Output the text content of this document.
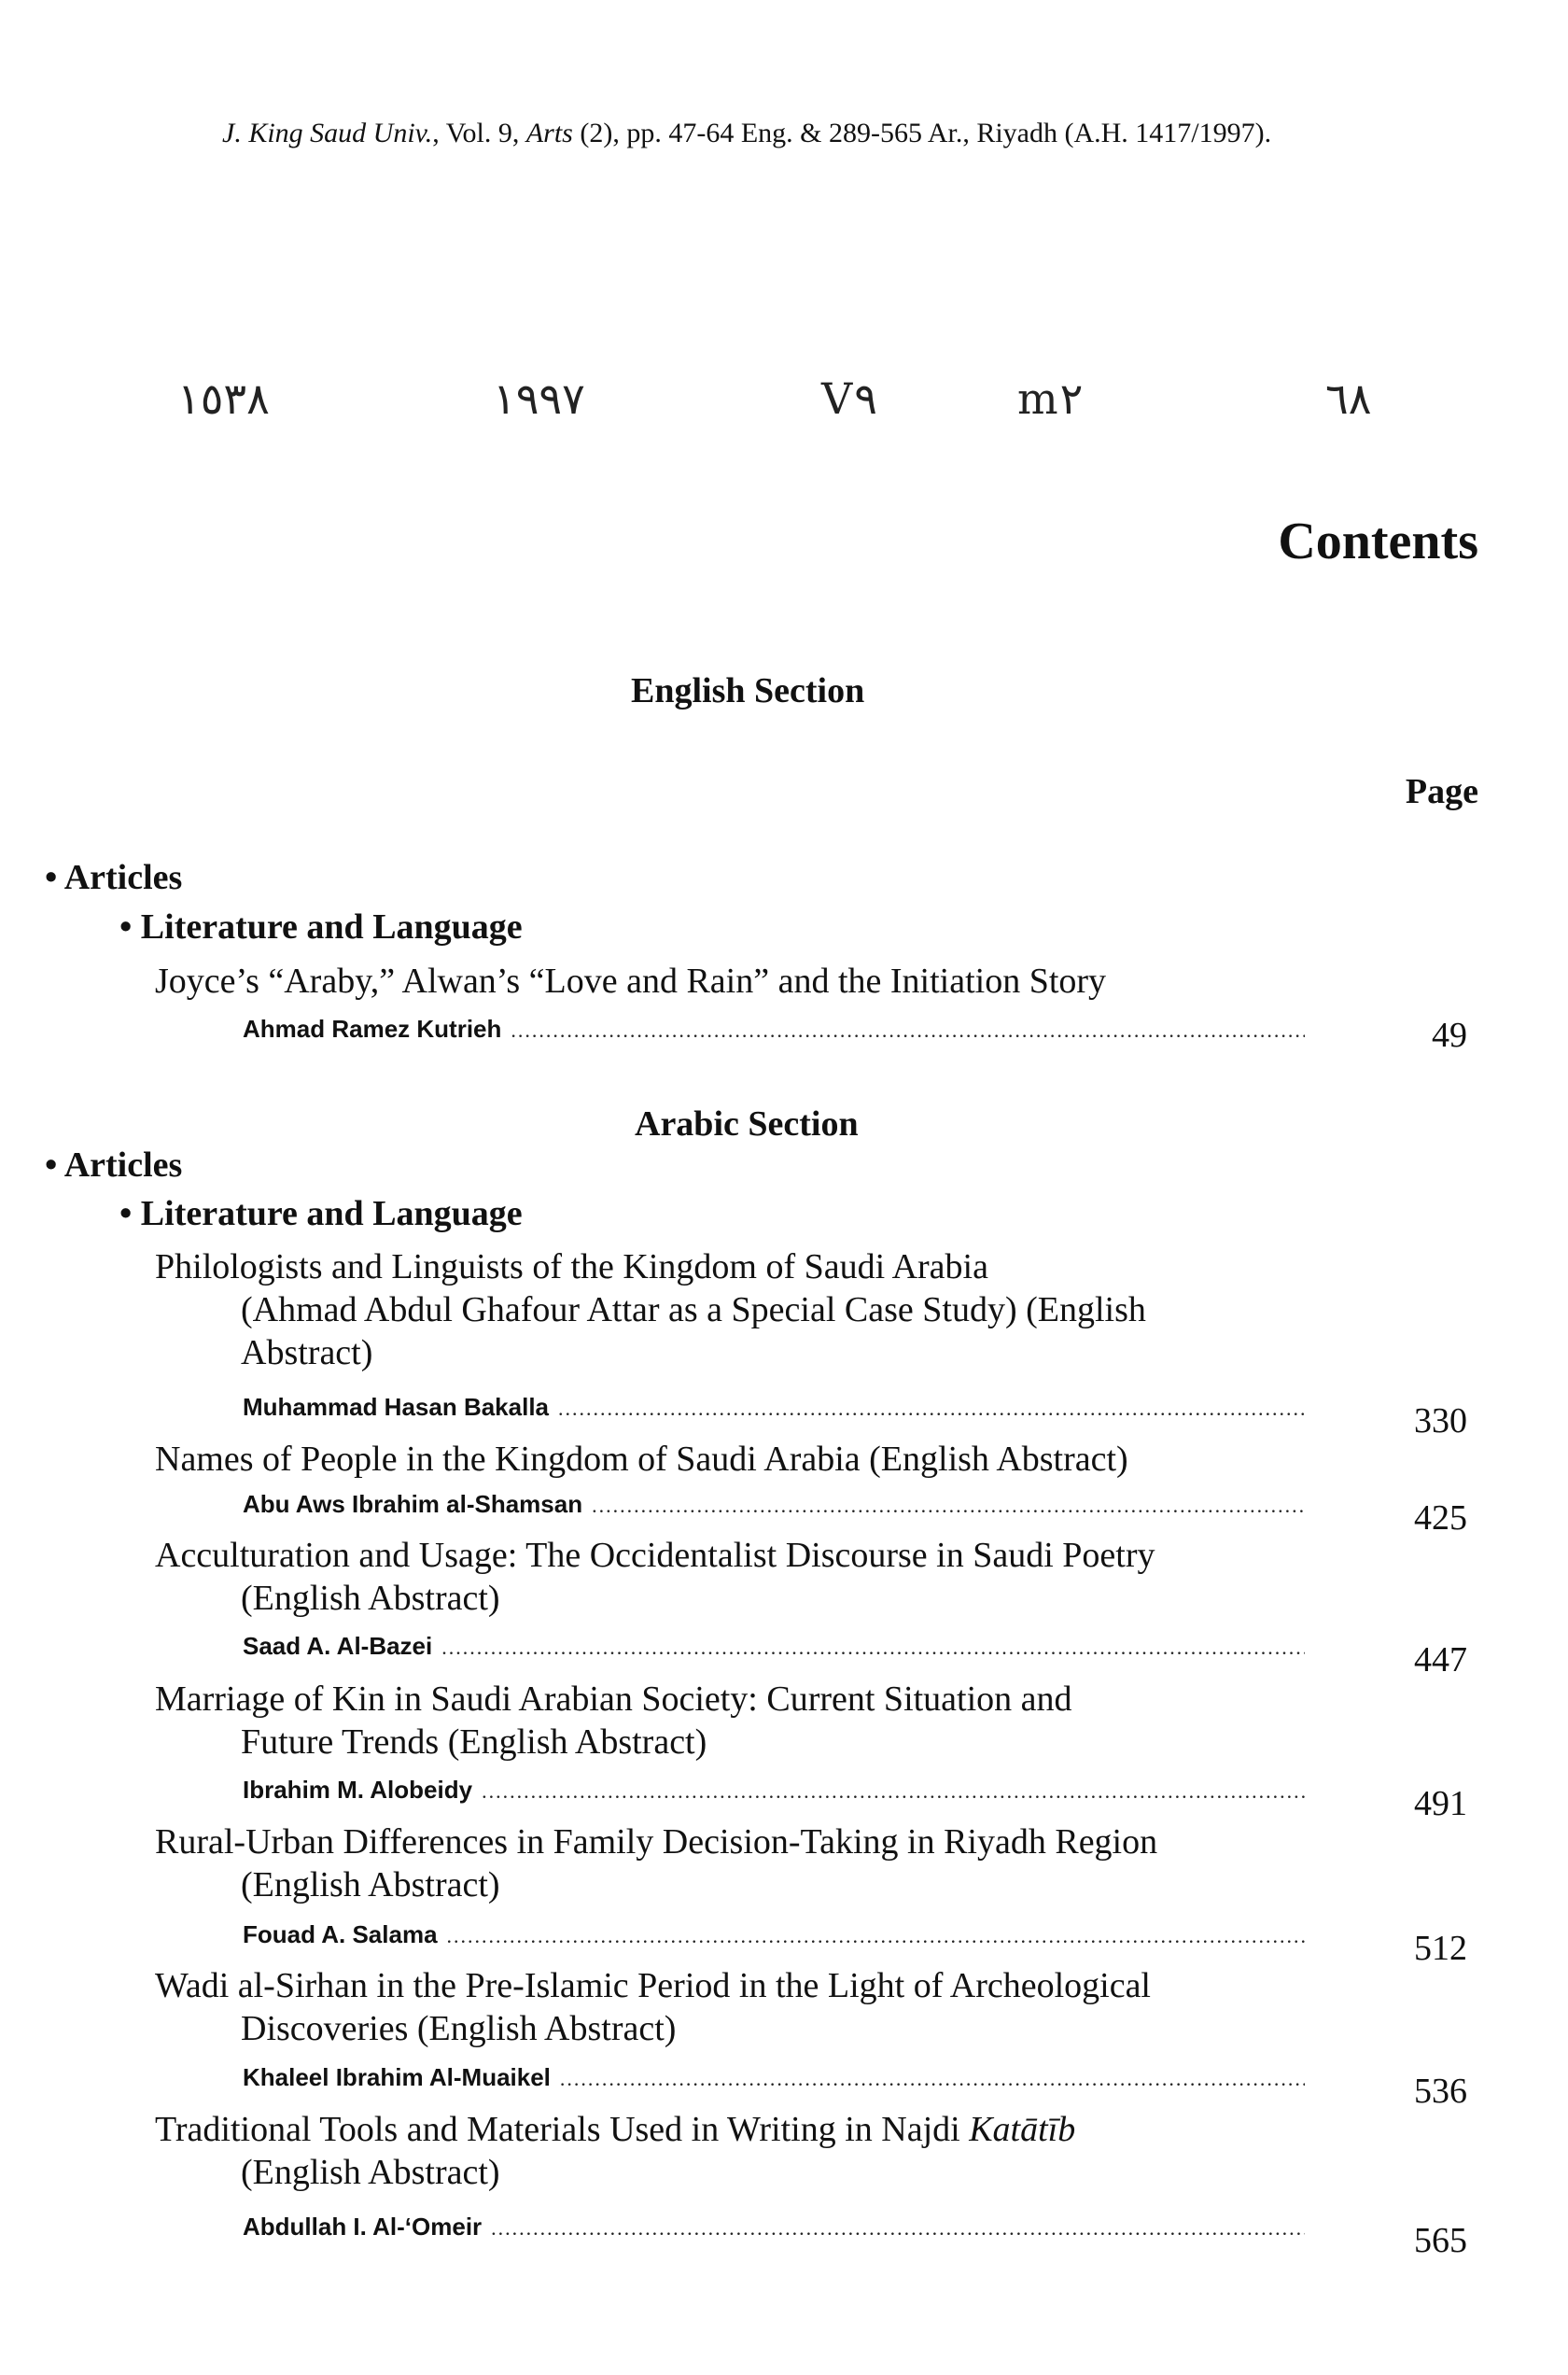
J. King Saud Univ., Vol. 9, Arts (2), pp. 47-64 Eng. & 289-565 Ar., Riyadh (A.H. 1417/1997).
١٥٣٨	١٩٩٧	V٩	m٢	٦٨
Contents
English Section
Page
• Articles
• Literature and Language
Joyce’s “Araby,” Alwan’s “Love and Rain” and the Initiation Story
Ahmad Ramez Kutrieh .....	49
Arabic Section
• Articles
• Literature and Language
Philologists and Linguists of the Kingdom of Saudi Arabia
(Ahmad Abdul Ghafour Attar as a Special Case Study) (English
Abstract)
Muhammad Hasan Bakalla .....	330
Names of People in the Kingdom of Saudi Arabia (English Abstract)
Abu Aws Ibrahim al-Shamsan .....	425
Acculturation and Usage: The Occidentalist Discourse in Saudi Poetry
(English Abstract)
Saad A. Al-Bazei .....	447
Marriage of Kin in Saudi Arabian Society: Current Situation and
Future Trends (English Abstract)
Ibrahim M. Alobeidy .....	491
Rural-Urban Differences in Family Decision-Taking in Riyadh Region
(English Abstract)
Fouad A. Salama .....	512
Wadi al-Sirhan in the Pre-Islamic Period in the Light of Archeological
Discoveries (English Abstract)
Khaleel Ibrahim Al-Muaikel .....	536
Traditional Tools and Materials Used in Writing in Najdi Katātīb
(English Abstract)
Abdullah I. Al-‘Omeir .....	565
